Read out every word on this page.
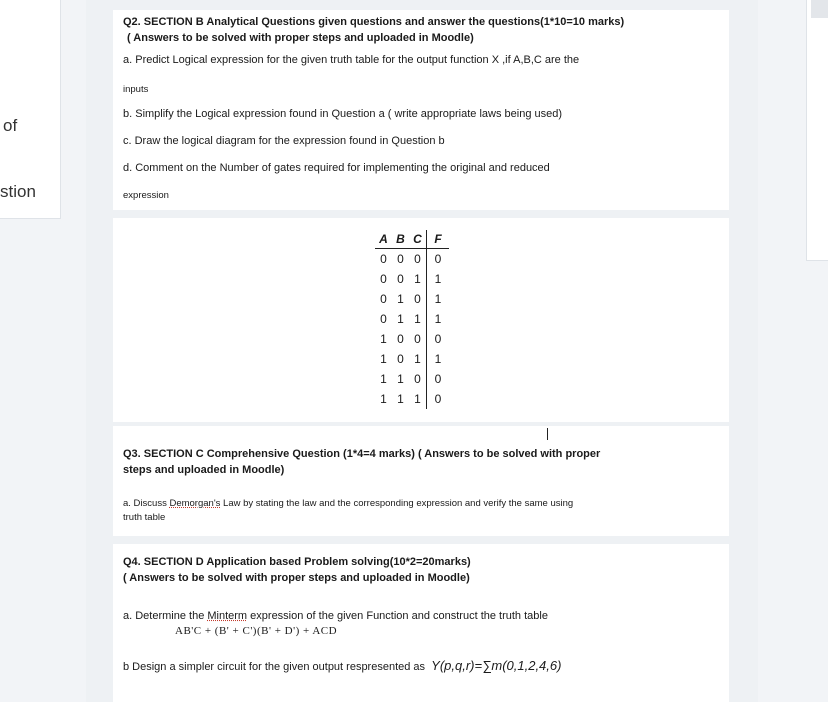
of
stion
Q2. SECTION B Analytical Questions given questions and answer the questions(1*10=10 marks)
( Answers to be solved with proper steps and uploaded in Moodle)
a. Predict Logical expression for the given truth table for the output function X ,if A,B,C are the
inputs
b. Simplify the Logical expression found in Question a ( write appropriate laws being used)
c. Draw the logical diagram for the expression found in Question b
d. Comment on the Number of gates required for implementing the original and reduced
expression
A	B	C	F
0	0	0	0
0	0	1	1
0	1	0	1
0	1	1	1
1	0	0	0
1	0	1	1
1	1	0	0
1	1	1	0
Q3. SECTION C Comprehensive Question (1*4=4 marks) ( Answers to be solved with proper
steps and uploaded in Moodle)
a. Discuss Demorgan's Law by stating the law and the corresponding expression and verify the same using
truth table
Q4. SECTION D Application based Problem solving(10*2=20marks)
( Answers to be solved with proper steps and uploaded in Moodle)
a. Determine the Minterm expression of the given Function and construct the truth table
AB'C + (B' + C')(B' + D') + ACD
b Design a simpler circuit for the given output respresented as Y(p,q,r)=∑m(0,1,2,4,6)
